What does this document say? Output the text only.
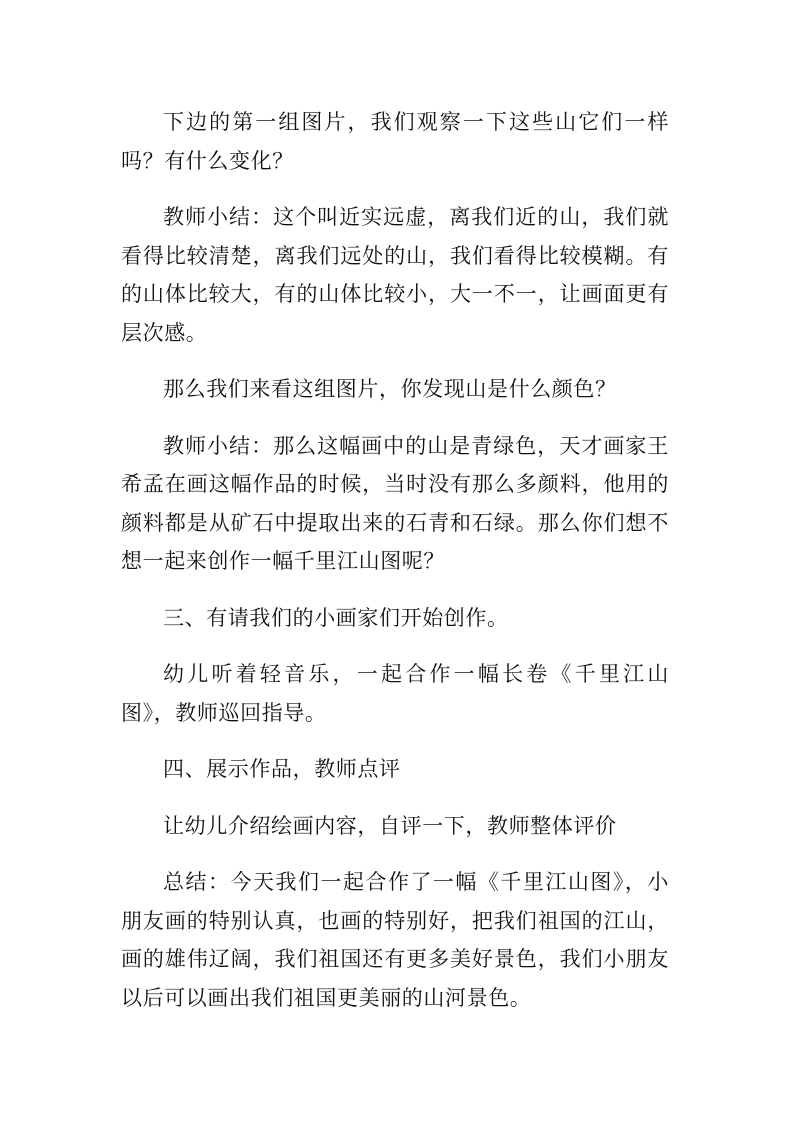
下边的第一组图片，我们观察一下这些山它们一样吗？有什么变化？

教师小结：这个叫近实远虚，离我们近的山，我们就看得比较清楚，离我们远处的山，我们看得比较模糊。有的山体比较大，有的山体比较小，大一不一，让画面更有层次感。

那么我们来看这组图片，你发现山是什么颜色？

教师小结：那么这幅画中的山是青绿色，天才画家王希孟在画这幅作品的时候，当时没有那么多颜料，他用的颜料都是从矿石中提取出来的石青和石绿。那么你们想不想一起来创作一幅千里江山图呢？

三、有请我们的小画家们开始创作。

幼儿听着轻音乐，一起合作一幅长卷《千里江山图》，教师巡回指导。

四、展示作品，教师点评

让幼儿介绍绘画内容，自评一下，教师整体评价

总结：今天我们一起合作了一幅《千里江山图》，小朋友画的特别认真，也画的特别好，把我们祖国的江山，画的雄伟辽阔，我们祖国还有更多美好景色，我们小朋友以后可以画出我们祖国更美丽的山河景色。
